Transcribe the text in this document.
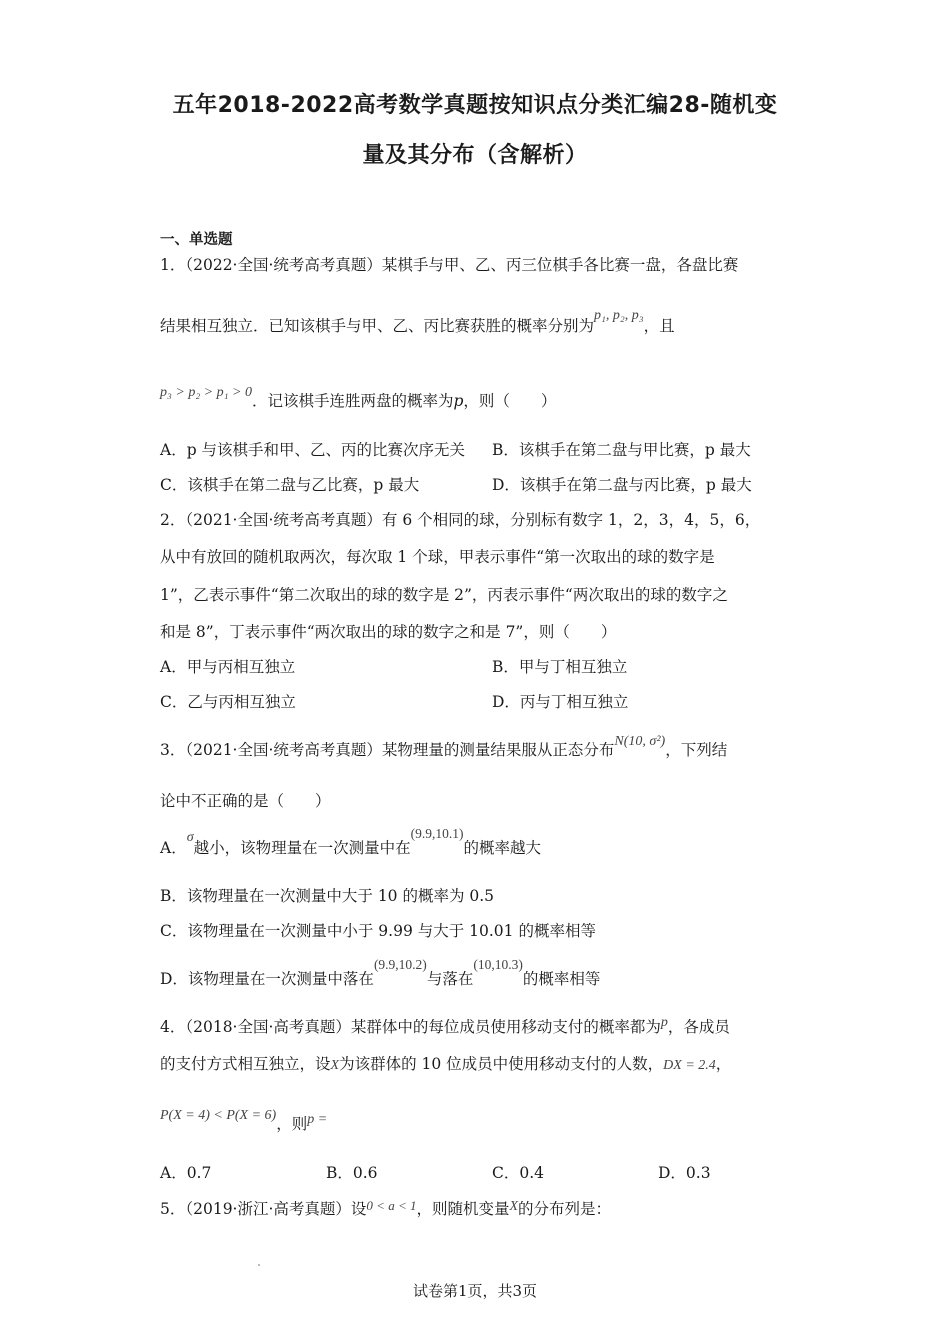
五年2018-2022高考数学真题按知识点分类汇编28-随机变
量及其分布（含解析）
一、单选题
1．（2022·全国·统考高考真题）某棋手与甲、乙、丙三位棋手各比赛一盘，各盘比赛
结果相互独立．已知该棋手与甲、乙、丙比赛获胜的概率分别为p₁, p₂, p₃，且
p₃ > p₂ > p₁ > 0．记该棋手连胜两盘的概率为p，则（　　）
A．p 与该棋手和甲、乙、丙的比赛次序无关 B．该棋手在第二盘与甲比赛，p 最大
C．该棋手在第二盘与乙比赛，p 最大	D．该棋手在第二盘与丙比赛，p 最大
2．（2021·全国·统考高考真题）有 6 个相同的球，分别标有数字 1，2，3，4，5，6，
从中有放回的随机取两次，每次取 1 个球，甲表示事件“第一次取出的球的数字是
1”，乙表示事件“第二次取出的球的数字是 2”，丙表示事件“两次取出的球的数字之
和是 8”，丁表示事件“两次取出的球的数字之和是 7”，则（　　）
A．甲与丙相互独立	B．甲与丁相互独立
C．乙与丙相互独立	D．丙与丁相互独立
3．（2021·全国·统考高考真题）某物理量的测量结果服从正态分布N(10, σ²)，下列结
论中不正确的是（　　）
A．σ越小，该物理量在一次测量中在(9.9,10.1)的概率越大
B．该物理量在一次测量中大于 10 的概率为 0.5
C．该物理量在一次测量中小于 9.99 与大于 10.01 的概率相等
D．该物理量在一次测量中落在(9.9,10.2)与落在(10,10.3)的概率相等
4．（2018·全国·高考真题）某群体中的每位成员使用移动支付的概率都为p，各成员
的支付方式相互独立，设X为该群体的 10 位成员中使用移动支付的人数，DX = 2.4，
P(X = 4) < P(X = 6)，则p =
A．0.7	B．0.6	C．0.4	D．0.3
5．（2019·浙江·高考真题）设$^{0 < a < 1}$，则随机变量X的分布列是：
试卷第1页，共3页
